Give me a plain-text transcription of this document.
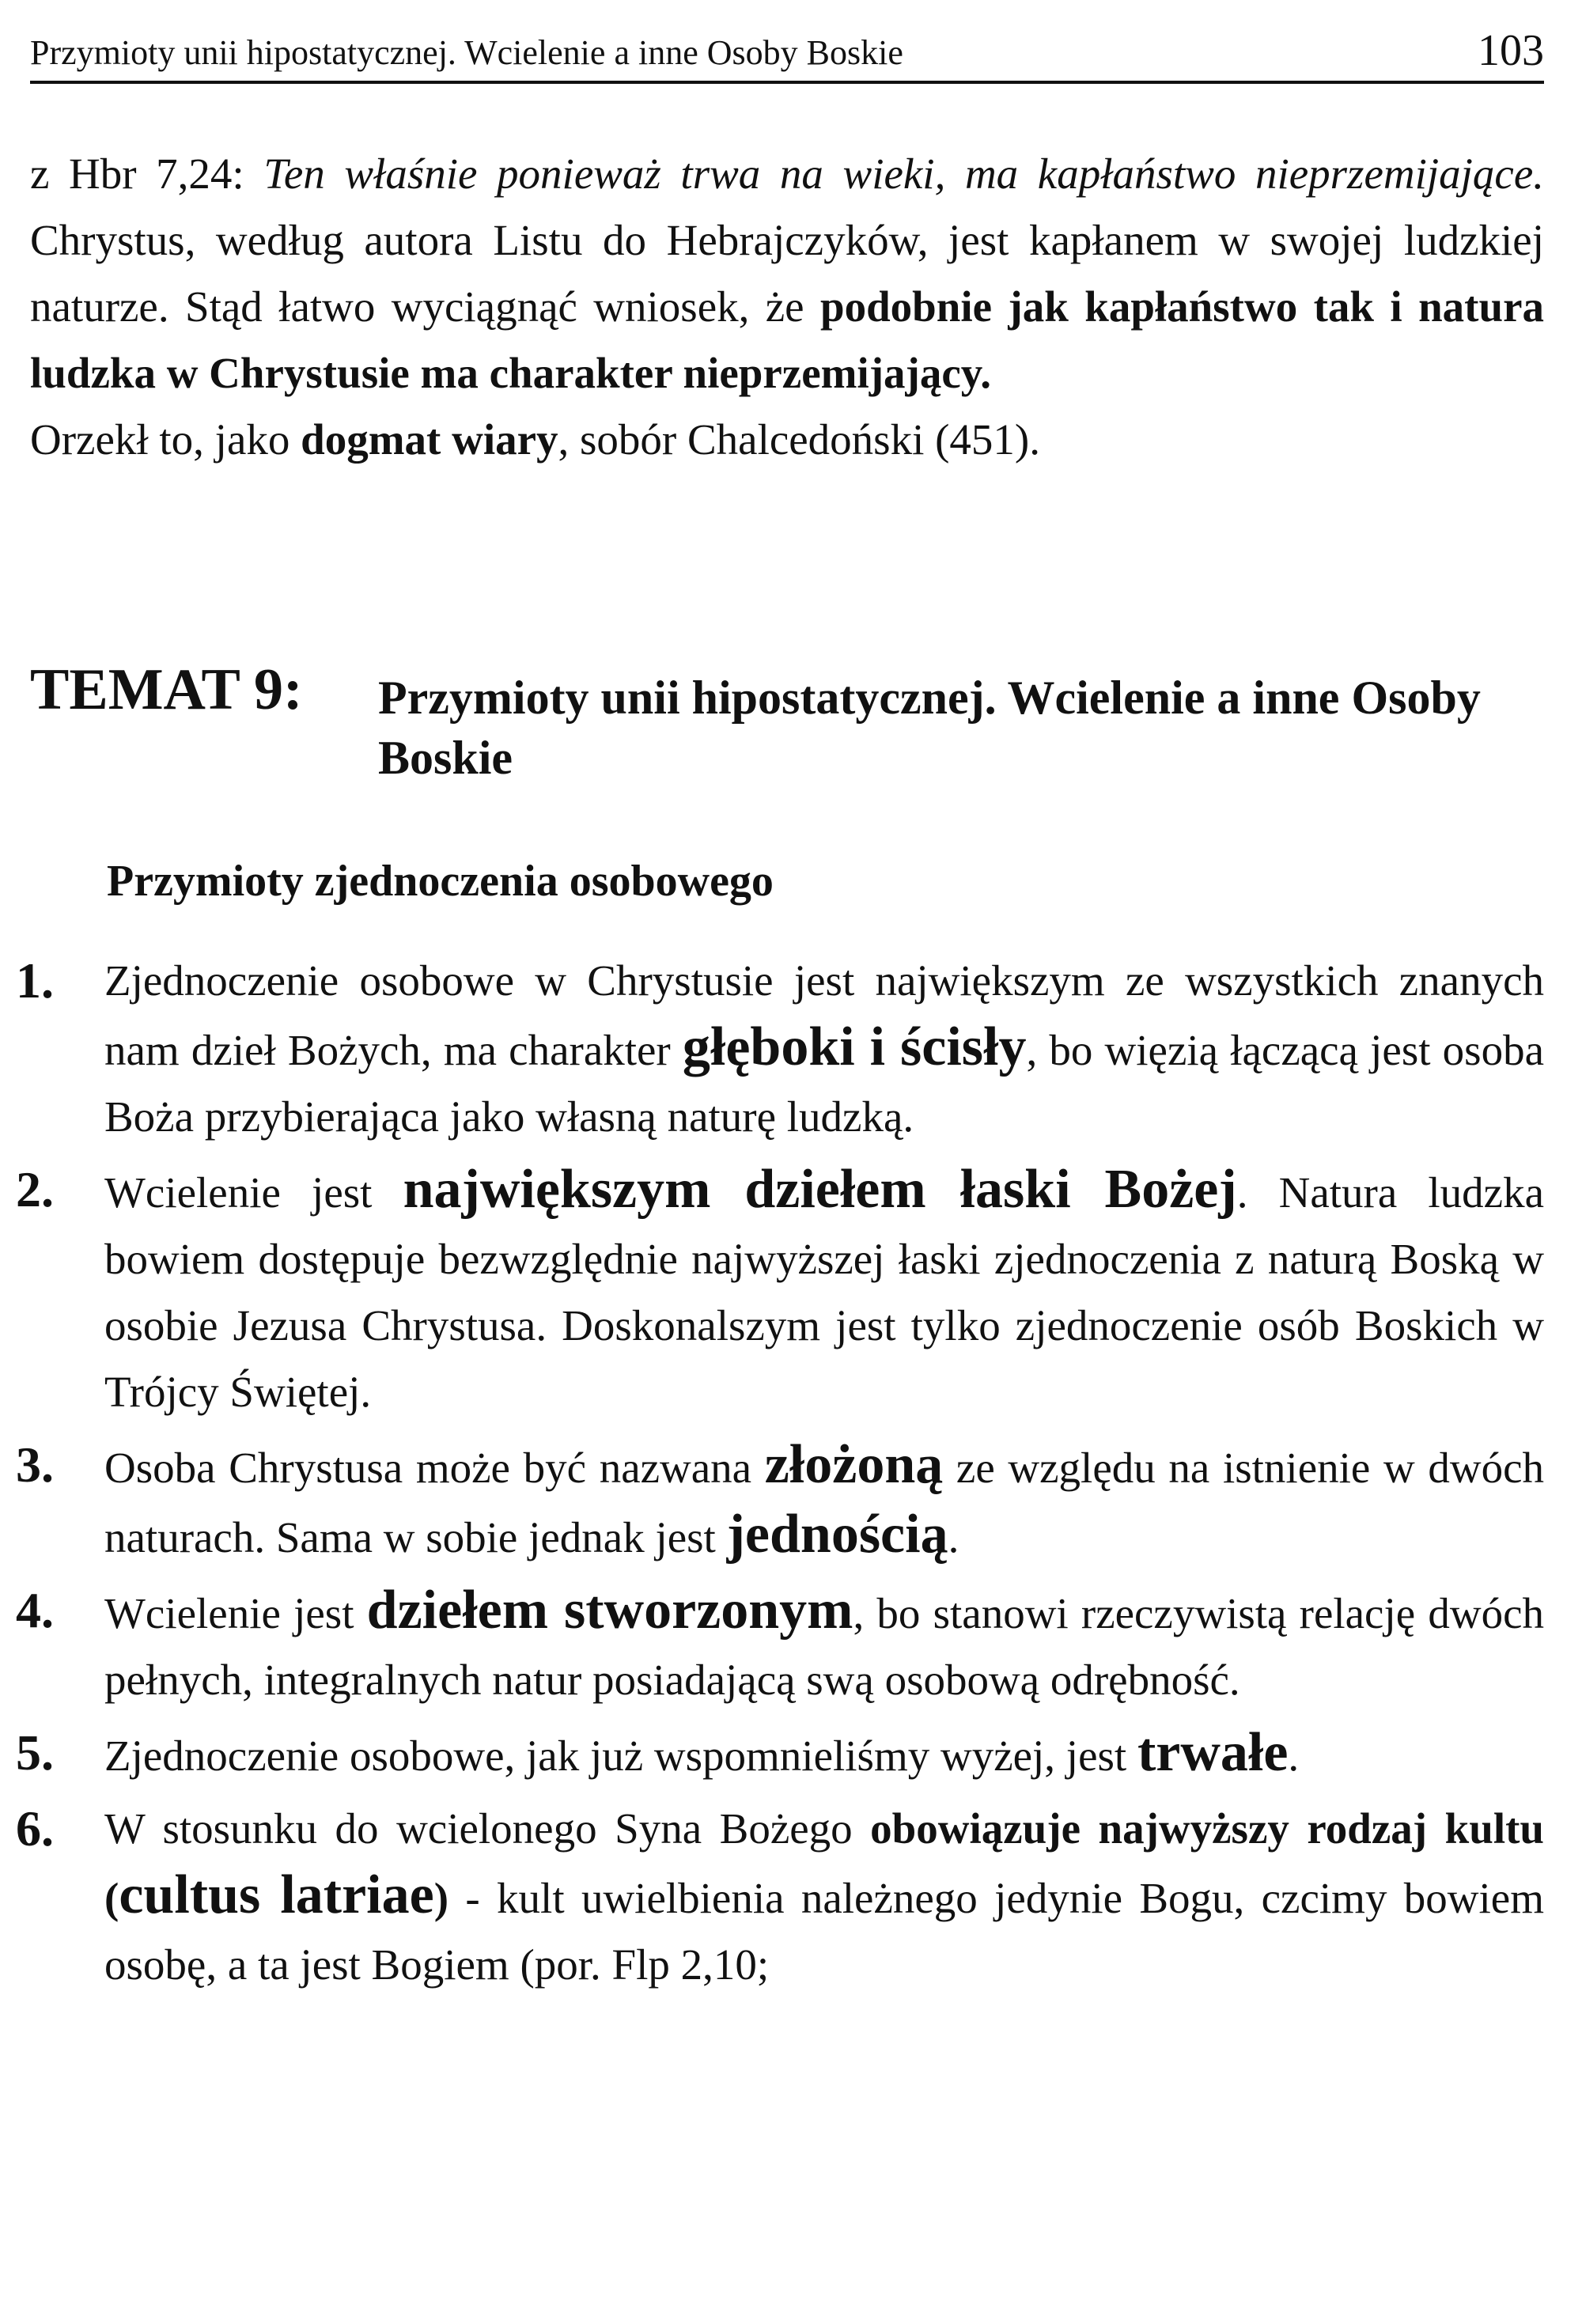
Przymioty unii hipostatycznej. Wcielenie a inne Osoby Boskie	103

z Hbr 7,24: Ten właśnie ponieważ trwa na wieki, ma kapłaństwo nieprzemijające. Chrystus, według autora Listu do Hebrajczyków, jest kapłanem w swojej ludzkiej naturze. Stąd łatwo wyciągnąć wniosek, że podobnie jak kapłaństwo tak i natura ludzka w Chrystusie ma charakter nieprzemijający.

Orzekł to, jako dogmat wiary, sobór Chalcedoński (451).

TEMAT 9: Przymioty unii hipostatycznej. Wcielenie a inne Osoby Boskie
Przymioty zjednoczenia osobowego
1. Zjednoczenie osobowe w Chrystusie jest największym ze wszystkich znanych nam dzieł Bożych, ma charakter głęboki i ścisły, bo więzią łączącą jest osoba Boża przybierająca jako własną naturę ludzką.
2. Wcielenie jest największym dziełem łaski Bożej. Natura ludzka bowiem dostępuje bezwzględnie najwyższej łaski zjednoczenia z naturą Boską w osobie Jezusa Chrystusa. Doskonalszym jest tylko zjednoczenie osób Boskich w Trójcy Świętej.
3. Osoba Chrystusa może być nazwana złożoną ze względu na istnienie w dwóch naturach. Sama w sobie jednak jest jednością.
4. Wcielenie jest dziełem stworzonym, bo stanowi rzeczywistą relację dwóch pełnych, integralnych natur posiadającą swą osobową odrębność.
5. Zjednoczenie osobowe, jak już wspomnieliśmy wyżej, jest trwałe.
6. W stosunku do wcielonego Syna Bożego obowiązuje najwyższy rodzaj kultu (cultus latriae) - kult uwielbienia należnego jedynie Bogu, czcimy bowiem osobę, a ta jest Bogiem (por. Flp 2,10;
